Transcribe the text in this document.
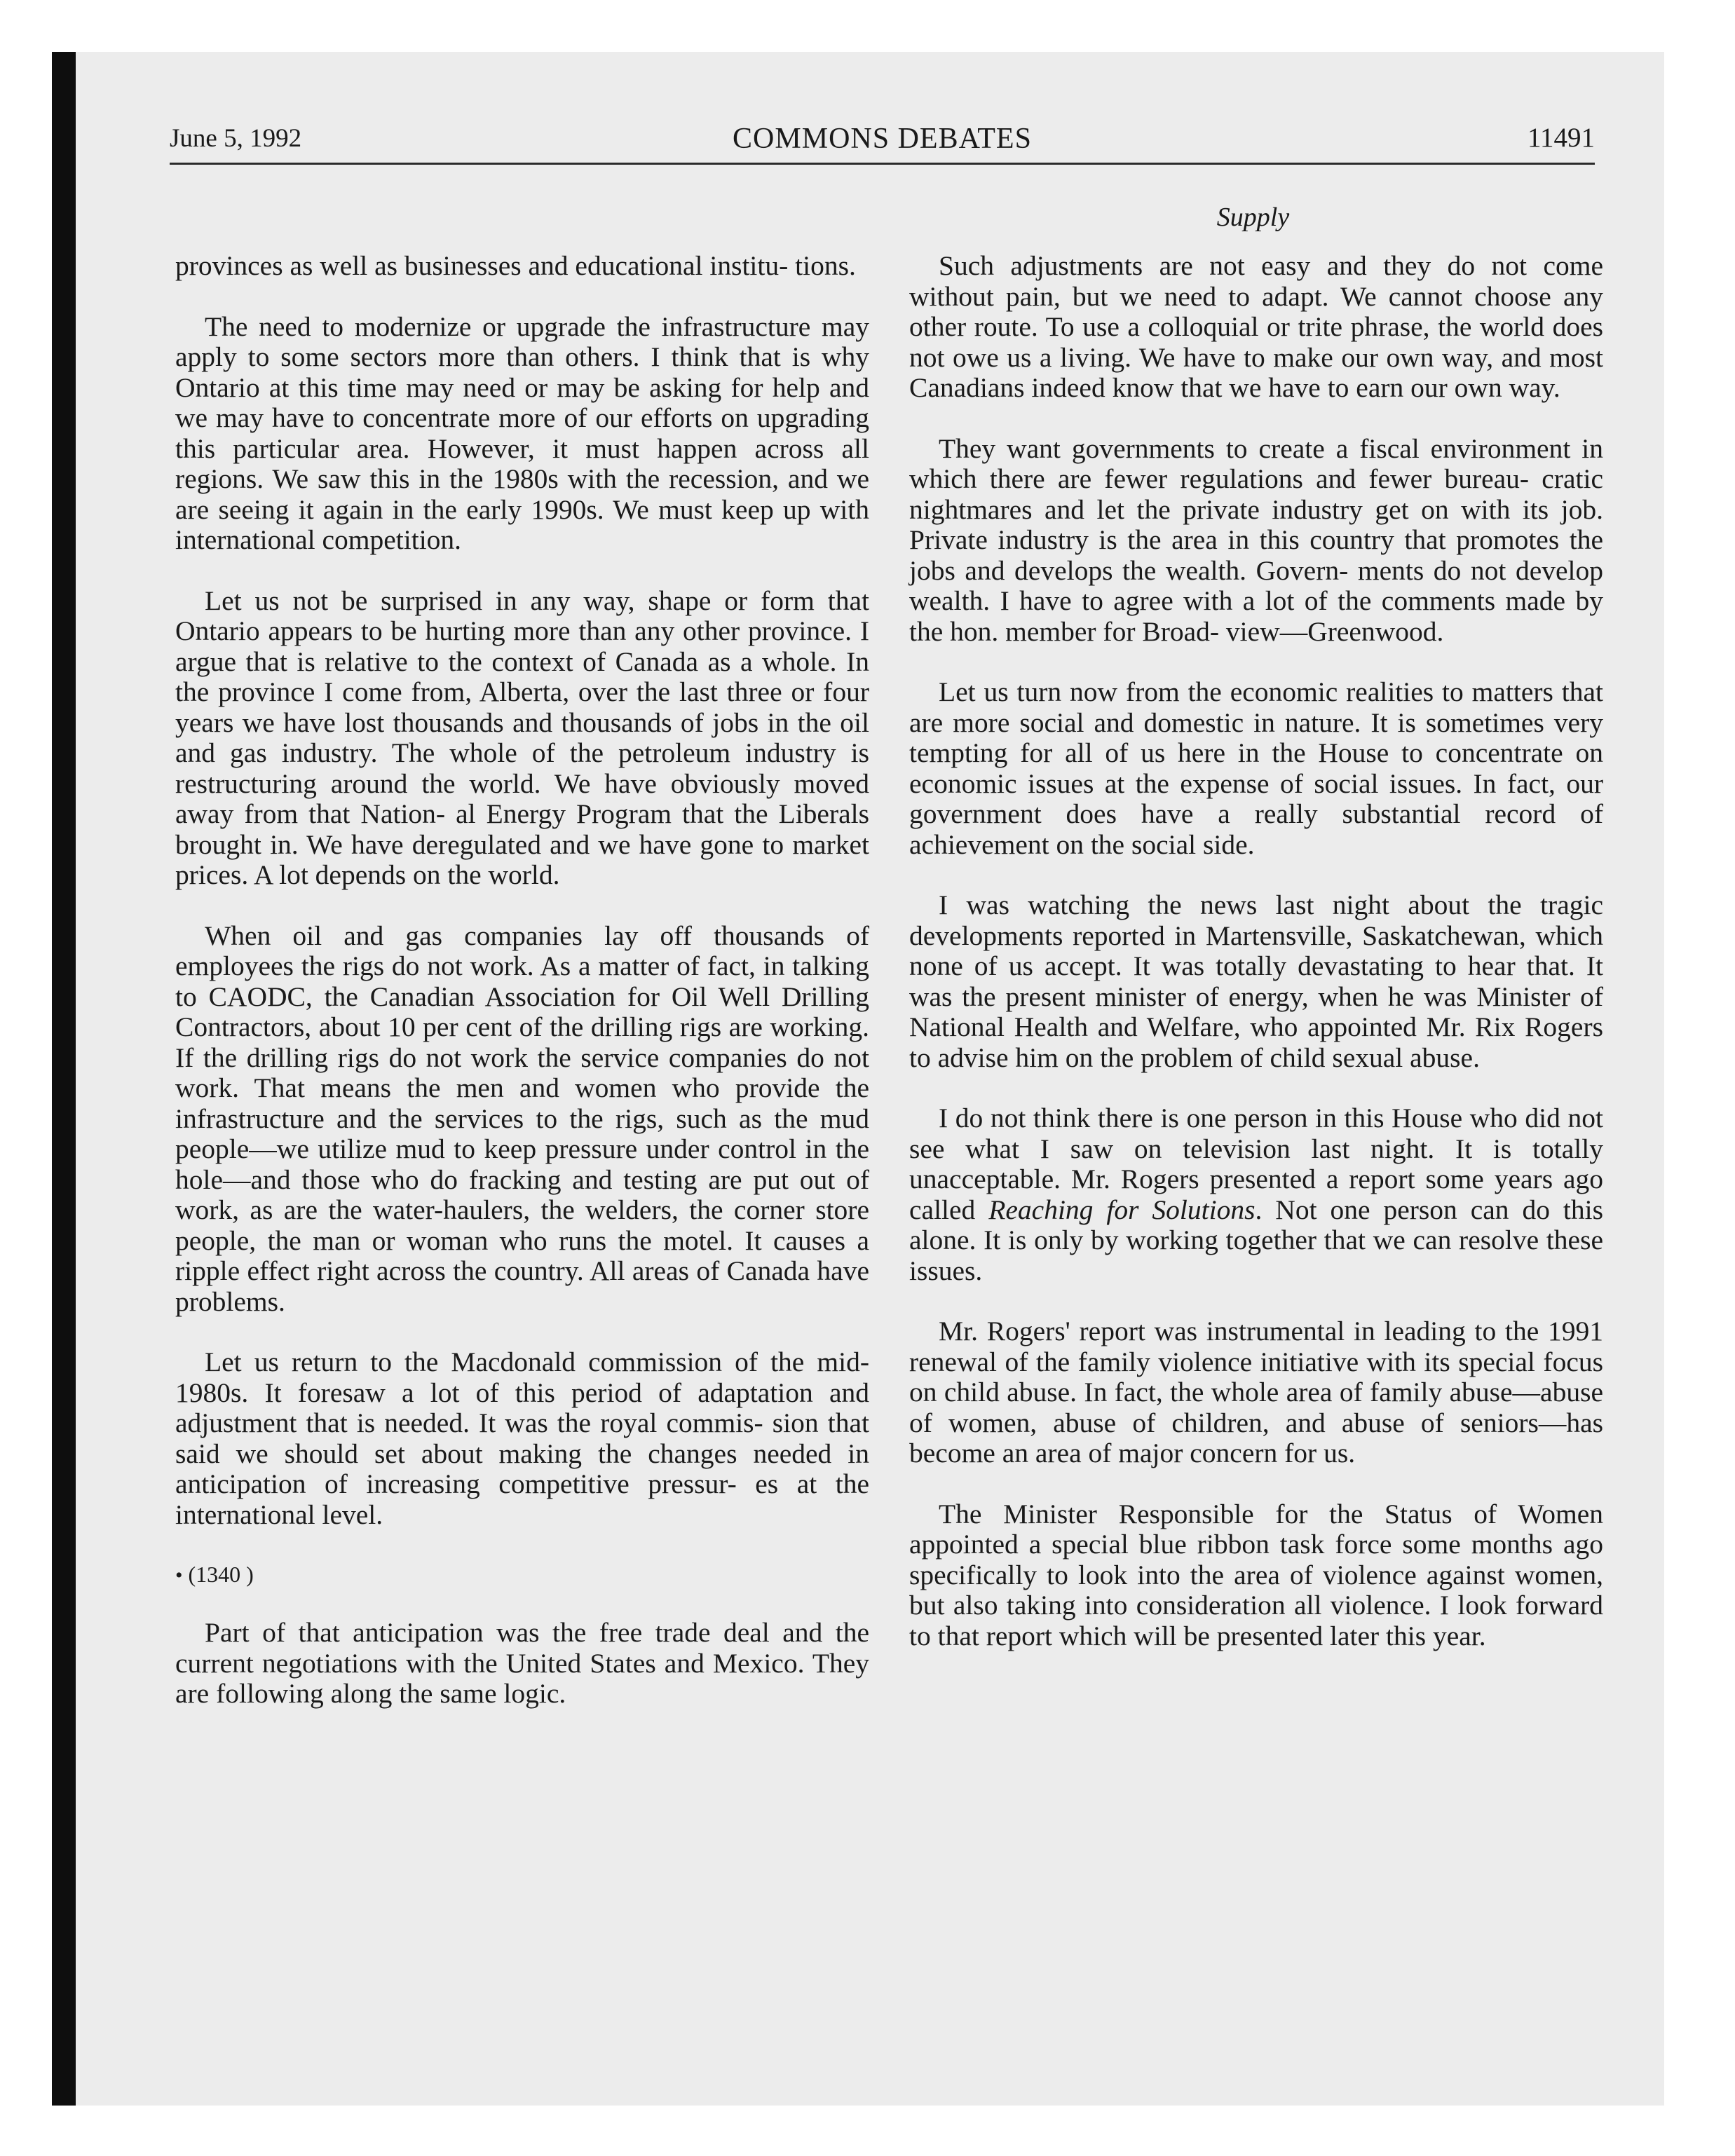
June 5, 1992	COMMONS DEBATES	11491
Supply

provinces as well as businesses and educational institu- tions.

The need to modernize or upgrade the infrastructure may apply to some sectors more than others. I think that is why Ontario at this time may need or may be asking for help and we may have to concentrate more of our efforts on upgrading this particular area. However, it must happen across all regions. We saw this in the 1980s with the recession, and we are seeing it again in the early 1990s. We must keep up with international competition.

Let us not be surprised in any way, shape or form that Ontario appears to be hurting more than any other province. I argue that is relative to the context of Canada as a whole. In the province I come from, Alberta, over the last three or four years we have lost thousands and thousands of jobs in the oil and gas industry. The whole of the petroleum industry is restructuring around the world. We have obviously moved away from that Nation- al Energy Program that the Liberals brought in. We have deregulated and we have gone to market prices. A lot depends on the world.

When oil and gas companies lay off thousands of employees the rigs do not work. As a matter of fact, in talking to CAODC, the Canadian Association for Oil Well Drilling Contractors, about 10 per cent of the drilling rigs are working. If the drilling rigs do not work the service companies do not work. That means the men and women who provide the infrastructure and the services to the rigs, such as the mud people—we utilize mud to keep pressure under control in the hole—and those who do fracking and testing are put out of work, as are the water-haulers, the welders, the corner store people, the man or woman who runs the motel. It causes a ripple effect right across the country. All areas of Canada have problems.

Let us return to the Macdonald commission of the mid-1980s. It foresaw a lot of this period of adaptation and adjustment that is needed. It was the royal commis- sion that said we should set about making the changes needed in anticipation of increasing competitive pressur- es at the international level.

• (1340 )

Part of that anticipation was the free trade deal and the current negotiations with the United States and Mexico. They are following along the same logic.

Such adjustments are not easy and they do not come without pain, but we need to adapt. We cannot choose any other route. To use a colloquial or trite phrase, the world does not owe us a living. We have to make our own way, and most Canadians indeed know that we have to earn our own way.

They want governments to create a fiscal environment in which there are fewer regulations and fewer bureau- cratic nightmares and let the private industry get on with its job. Private industry is the area in this country that promotes the jobs and develops the wealth. Govern- ments do not develop wealth. I have to agree with a lot of the comments made by the hon. member for Broad- view—Greenwood.

Let us turn now from the economic realities to matters that are more social and domestic in nature. It is sometimes very tempting for all of us here in the House to concentrate on economic issues at the expense of social issues. In fact, our government does have a really substantial record of achievement on the social side.

I was watching the news last night about the tragic developments reported in Martensville, Saskatchewan, which none of us accept. It was totally devastating to hear that. It was the present minister of energy, when he was Minister of National Health and Welfare, who appointed Mr. Rix Rogers to advise him on the problem of child sexual abuse.

I do not think there is one person in this House who did not see what I saw on television last night. It is totally unacceptable. Mr. Rogers presented a report some years ago called Reaching for Solutions. Not one person can do this alone. It is only by working together that we can resolve these issues.

Mr. Rogers' report was instrumental in leading to the 1991 renewal of the family violence initiative with its special focus on child abuse. In fact, the whole area of family abuse—abuse of women, abuse of children, and abuse of seniors—has become an area of major concern for us.

The Minister Responsible for the Status of Women appointed a special blue ribbon task force some months ago specifically to look into the area of violence against women, but also taking into consideration all violence. I look forward to that report which will be presented later this year.
